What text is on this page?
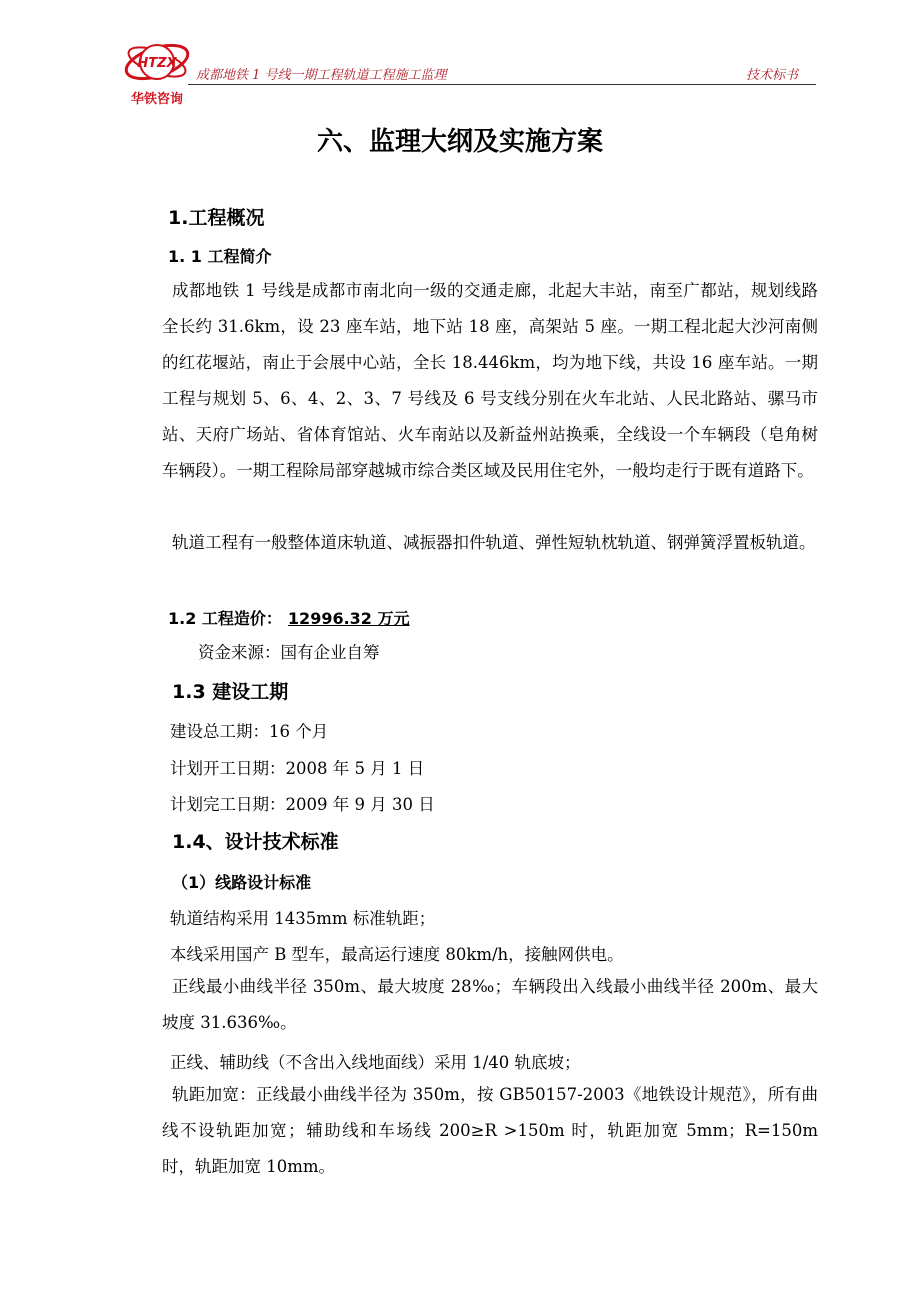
HTZX
华铁咨询
成都地铁 1 号线一期工程轨道工程施工监理	技术标书
六、监理大纲及实施方案
1.工程概况
1. 1 工程简介
成都地铁 1 号线是成都市南北向一级的交通走廊，北起大丰站，南至广都站，规划线路全长约 31.6km，设 23 座车站，地下站 18 座，高架站 5 座。一期工程北起大沙河南侧的红花堰站，南止于会展中心站，全长 18.446km，均为地下线，共设 16 座车站。一期工程与规划 5、6、4、2、3、7 号线及 6 号支线分别在火车北站、人民北路站、骡马市站、天府广场站、省体育馆站、火车南站以及新益州站换乘，全线设一个车辆段（皂角树车辆段）。一期工程除局部穿越城市综合类区域及民用住宅外，一般均走行于既有道路下。
轨道工程有一般整体道床轨道、减振器扣件轨道、弹性短轨枕轨道、钢弹簧浮置板轨道。
1.2 工程造价： 12996.32 万元
资金来源：国有企业自筹
1.3 建设工期
建设总工期：16 个月
计划开工日期：2008 年 5 月 1 日
计划完工日期：2009 年 9 月 30 日
1.4、设计技术标准
（1）线路设计标准
轨道结构采用 1435mm 标准轨距；
本线采用国产 B 型车，最高运行速度 80km/h，接触网供电。
正线最小曲线半径 350m、最大坡度 28‰；车辆段出入线最小曲线半径 200m、最大坡度 31.636‰。
正线、辅助线（不含出入线地面线）采用 1/40 轨底坡；
轨距加宽：正线最小曲线半径为 350m，按 GB50157-2003《地铁设计规范》，所有曲线不设轨距加宽；辅助线和车场线 200≥R >150m 时，轨距加宽 5mm；R=150m 时，轨距加宽 10mm。
